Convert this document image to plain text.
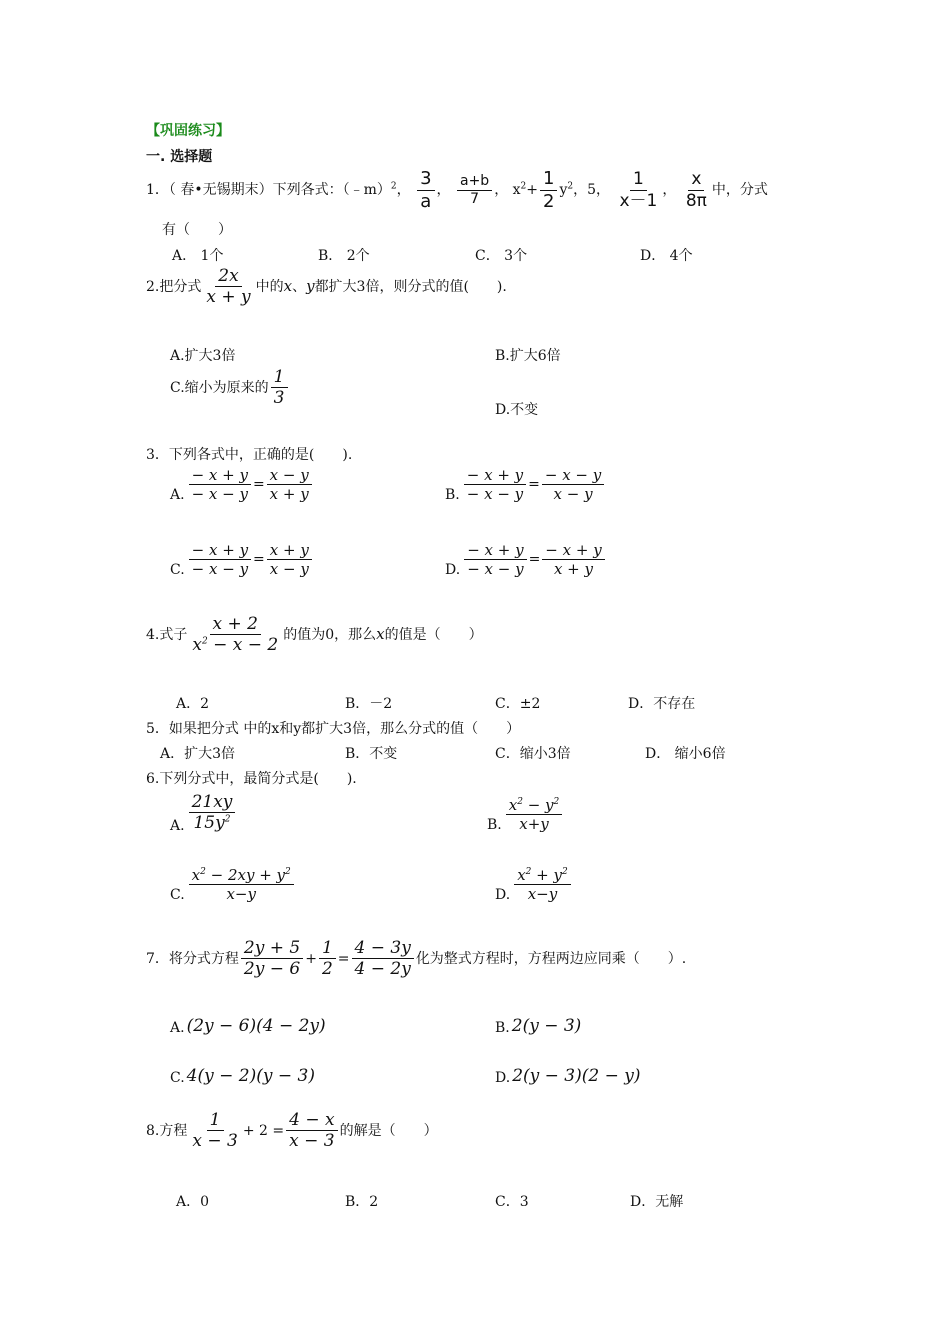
【巩固练习】
一. 选择题
1．（ 春•无锡期末）下列各式：（﹣m）$^2$， $\frac{3}{a}$ ， $\frac{a+b}{7}$ ， $x^2+ \frac{1}{2} y^2$，5， $\frac{1}{x-1}$ ， $\frac{x}{8\pi}$ 中，分式
有（　　）
A． 1个	B． 2个	C． 3个	D． 4个
2.把分式 $\frac{2x}{x + y}$ 中的x、y都扩大3倍，则分式的值(　　).
A.扩大3倍	B.扩大6倍
C.缩小为原来的 $\frac{1}{3}$
D.不变
3．下列各式中，正确的是(　　).
A. $\frac{- x + y}{- x - y} = \frac{x - y}{x + y}$	B. $\frac{- x + y}{- x - y} = \frac{- x - y}{x - y}$
C. $\frac{- x + y}{- x - y} = \frac{x + y}{x - y}$	D. $\frac{- x + y}{- x - y} = \frac{- x + y}{x + y}$
4.式子 $\frac{x + 2}{x^2 - x - 2}$ 的值为0，那么x的值是（　　）
A．2	B．－2	C．±2	D．不存在
5．如果把分式 中的x和y都扩大3倍，那么分式的值（　　）
A．扩大3倍	B．不变	C．缩小3倍	D． 缩小6倍
6.下列分式中，最简分式是(　　).
A. $\frac{21xy}{15y^2}$	B. $\frac{x^2 - y^2}{x+y}$
C. $\frac{x^2 - 2xy + y^2}{x-y}$	D. $\frac{x^2 + y^2}{x-y}$
7．将分式方程 $\frac{2y + 5}{2y - 6} + \frac{1}{2} = \frac{4 - 3y}{4 - 2y}$ 化为整式方程时，方程两边应同乘（　　）.
A. (2y − 6)(4 − 2y)	B. 2(y − 3)
C. 4(y − 2)(y − 3)	D. 2(y − 3)(2 − y)
8.方程 $\frac{1}{x - 3} + 2 = \frac{4 - x}{x - 3}$ 的解是（　　）
A．0	B．2	C．3	D．无解
